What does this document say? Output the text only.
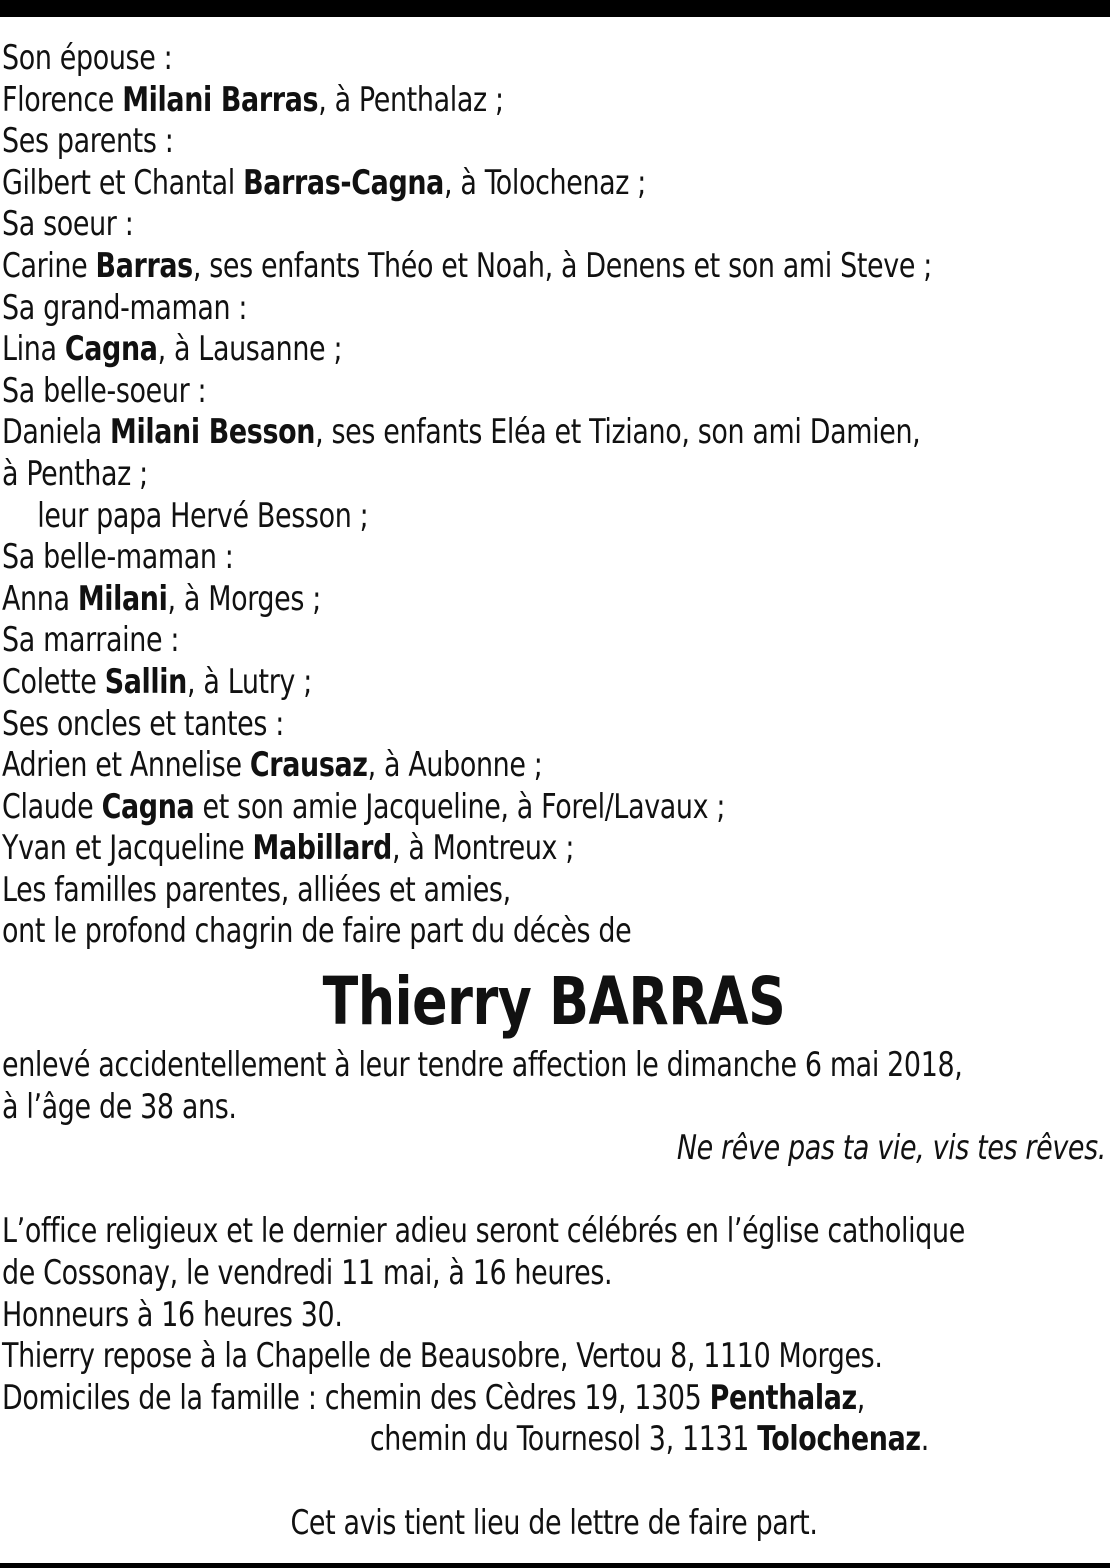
Son épouse :
Florence Milani Barras, à Penthalaz ;
Ses parents :
Gilbert et Chantal Barras-Cagna, à Tolochenaz ;
Sa soeur :
Carine Barras, ses enfants Théo et Noah, à Denens et son ami Steve ;
Sa grand-maman :
Lina Cagna, à Lausanne ;
Sa belle-soeur :
Daniela Milani Besson, ses enfants Eléa et Tiziano, son ami Damien,
à Penthaz ;
leur papa Hervé Besson ;
Sa belle-maman :
Anna Milani, à Morges ;
Sa marraine :
Colette Sallin, à Lutry ;
Ses oncles et tantes :
Adrien et Annelise Crausaz, à Aubonne ;
Claude Cagna et son amie Jacqueline, à Forel/Lavaux ;
Yvan et Jacqueline Mabillard, à Montreux ;
Les familles parentes, alliées et amies,
ont le profond chagrin de faire part du décès de
Thierry BARRAS
enlevé accidentellement à leur tendre affection le dimanche 6 mai 2018,
à l’âge de 38 ans.
Ne rêve pas ta vie, vis tes rêves.
L’office religieux et le dernier adieu seront célébrés en l’église catholique
de Cossonay, le vendredi 11 mai, à 16 heures.
Honneurs à 16 heures 30.
Thierry repose à la Chapelle de Beausobre, Vertou 8, 1110 Morges.
Domiciles de la famille : chemin des Cèdres 19, 1305 Penthalaz,
chemin du Tournesol 3, 1131 Tolochenaz.
Cet avis tient lieu de lettre de faire part.
